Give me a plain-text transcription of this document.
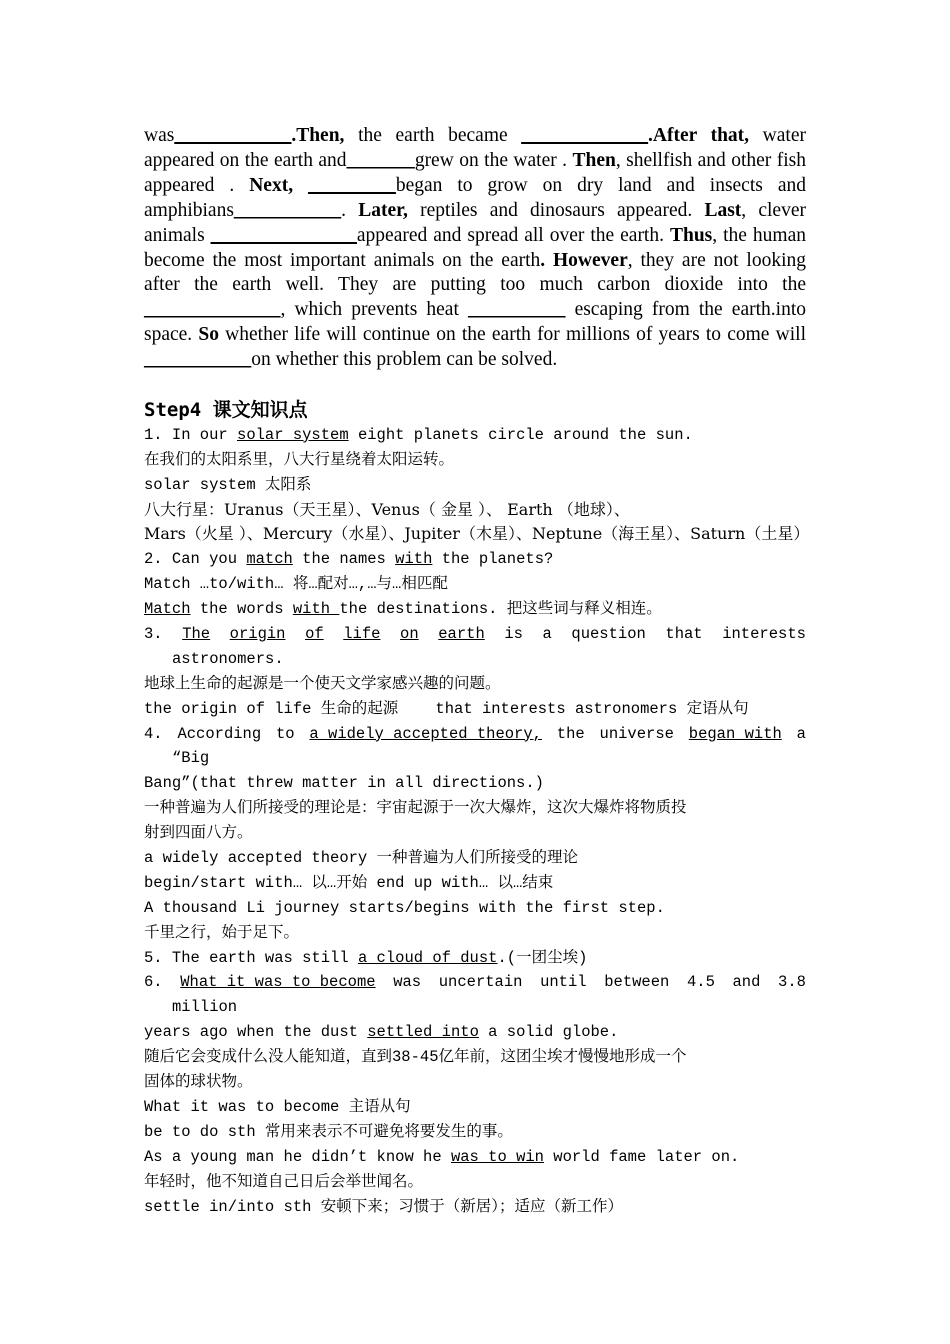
was____________.Then, the earth became _____________.After that, water appeared on the earth and_______grew on the water . Then, shellfish and other fish appeared . Next, _________began to grow on dry land and insects and amphibians___________. Later, reptiles and dinosaurs appeared. Last, clever animals _______________appeared and spread all over the earth. Thus, the human become the most important animals on the earth. However, they are not looking after the earth well. They are putting too much carbon dioxide into the ______________, which prevents heat __________ escaping from the earth.into space. So whether life will continue on the earth for millions of years to come will ___________on whether this problem can be solved.

Step4 课文知识点
1. In our solar system eight planets circle around the sun.
在我们的太阳系里，八大行星绕着太阳运转。
solar system 太阳系
八大行星：Uranus（天王星）、Venus（ 金星 ）、 Earth （地球）、
Mars（火星 ）、Mercury（水星）、Jupiter（木星）、Neptune（海王星）、Saturn（土星）
2. Can you match the names with the planets?
Match …to/with… 将…配对…,…与…相匹配
Match the words with the destinations. 把这些词与释义相连。
3. The origin of life on earth is a question that interests
astronomers.
地球上生命的起源是一个使天文学家感兴趣的问题。
the origin of life 生命的起源    that interests astronomers 定语从句
4. According to a widely accepted theory, the universe began with a
“Big
Bang”(that threw matter in all directions.)
一种普遍为人们所接受的理论是：宇宙起源于一次大爆炸，这次大爆炸将物质投
射到四面八方。
a widely accepted theory 一种普遍为人们所接受的理论
begin/start with… 以…开始 end up with… 以…结束
A thousand Li journey starts/begins with the first step.
千里之行，始于足下。
5. The earth was still a cloud of dust.(一团尘埃)
6. What it was to become was uncertain until between 4.5 and 3.8
million
years ago when the dust settled into a solid globe.
随后它会变成什么没人能知道，直到38-45亿年前，这团尘埃才慢慢地形成一个
固体的球状物。
What it was to become 主语从句
be to do sth 常用来表示不可避免将要发生的事。
As a young man he didn’t know he was to win world fame later on.
年轻时，他不知道自己日后会举世闻名。
settle in/into sth 安顿下来；习惯于（新居）；适应（新工作）
